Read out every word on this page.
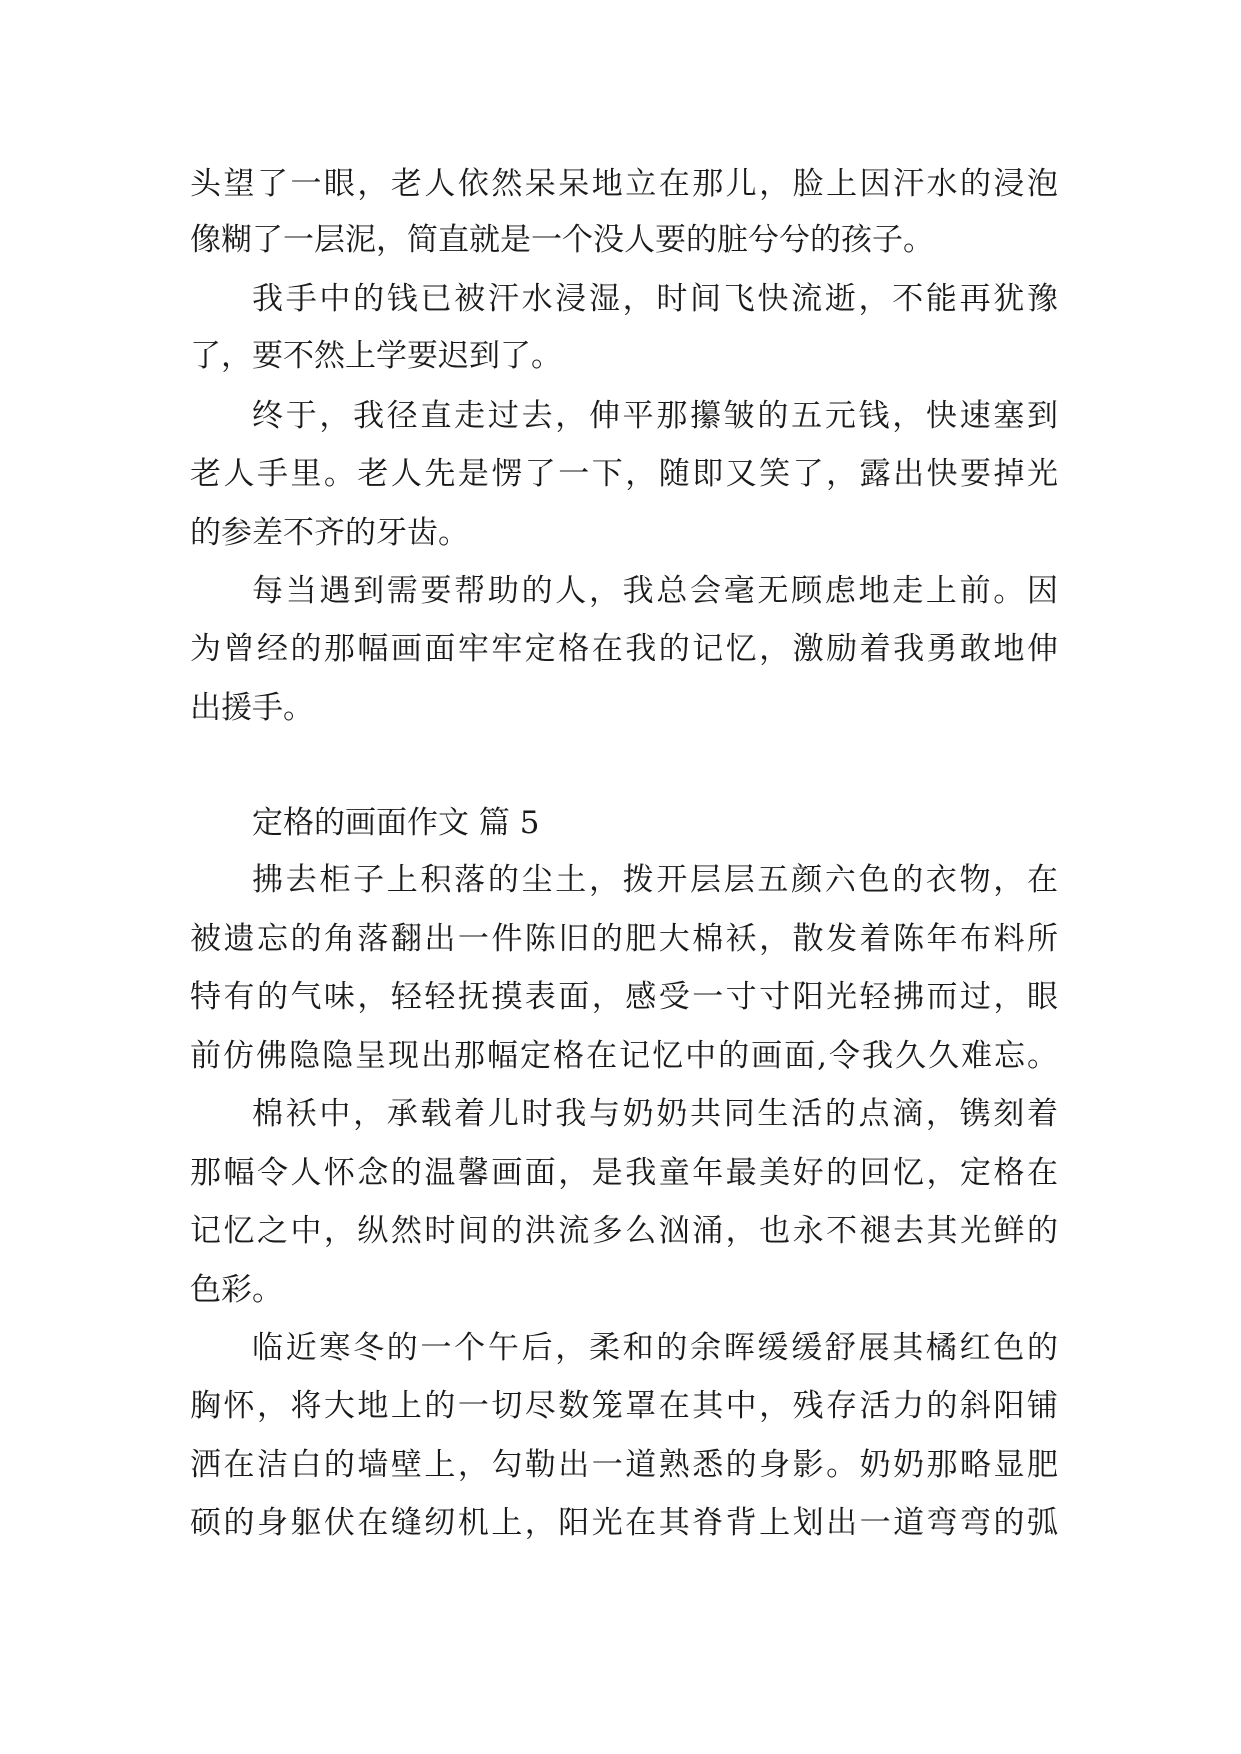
头望了一眼，老人依然呆呆地立在那儿，脸上因汗水的浸泡
像糊了一层泥，简直就是一个没人要的脏兮兮的孩子。
我手中的钱已被汗水浸湿，时间飞快流逝，不能再犹豫
了，要不然上学要迟到了。
终于，我径直走过去，伸平那攥皱的五元钱，快速塞到
老人手里。老人先是愣了一下，随即又笑了，露出快要掉光
的参差不齐的牙齿。
每当遇到需要帮助的人，我总会毫无顾虑地走上前。因
为曾经的那幅画面牢牢定格在我的记忆，激励着我勇敢地伸
出援手。
定格的画面作文 篇 5
拂去柜子上积落的尘土，拨开层层五颜六色的衣物，在
被遗忘的角落翻出一件陈旧的肥大棉袄，散发着陈年布料所
特有的气味，轻轻抚摸表面，感受一寸寸阳光轻拂而过，眼
前仿佛隐隐呈现出那幅定格在记忆中的画面,令我久久难忘。
棉袄中，承载着儿时我与奶奶共同生活的点滴，镌刻着
那幅令人怀念的温馨画面，是我童年最美好的回忆，定格在
记忆之中，纵然时间的洪流多么汹涌，也永不褪去其光鲜的
色彩。
临近寒冬的一个午后，柔和的余晖缓缓舒展其橘红色的
胸怀，将大地上的一切尽数笼罩在其中，残存活力的斜阳铺
洒在洁白的墙壁上，勾勒出一道熟悉的身影。奶奶那略显肥
硕的身躯伏在缝纫机上，阳光在其脊背上划出一道弯弯的弧
